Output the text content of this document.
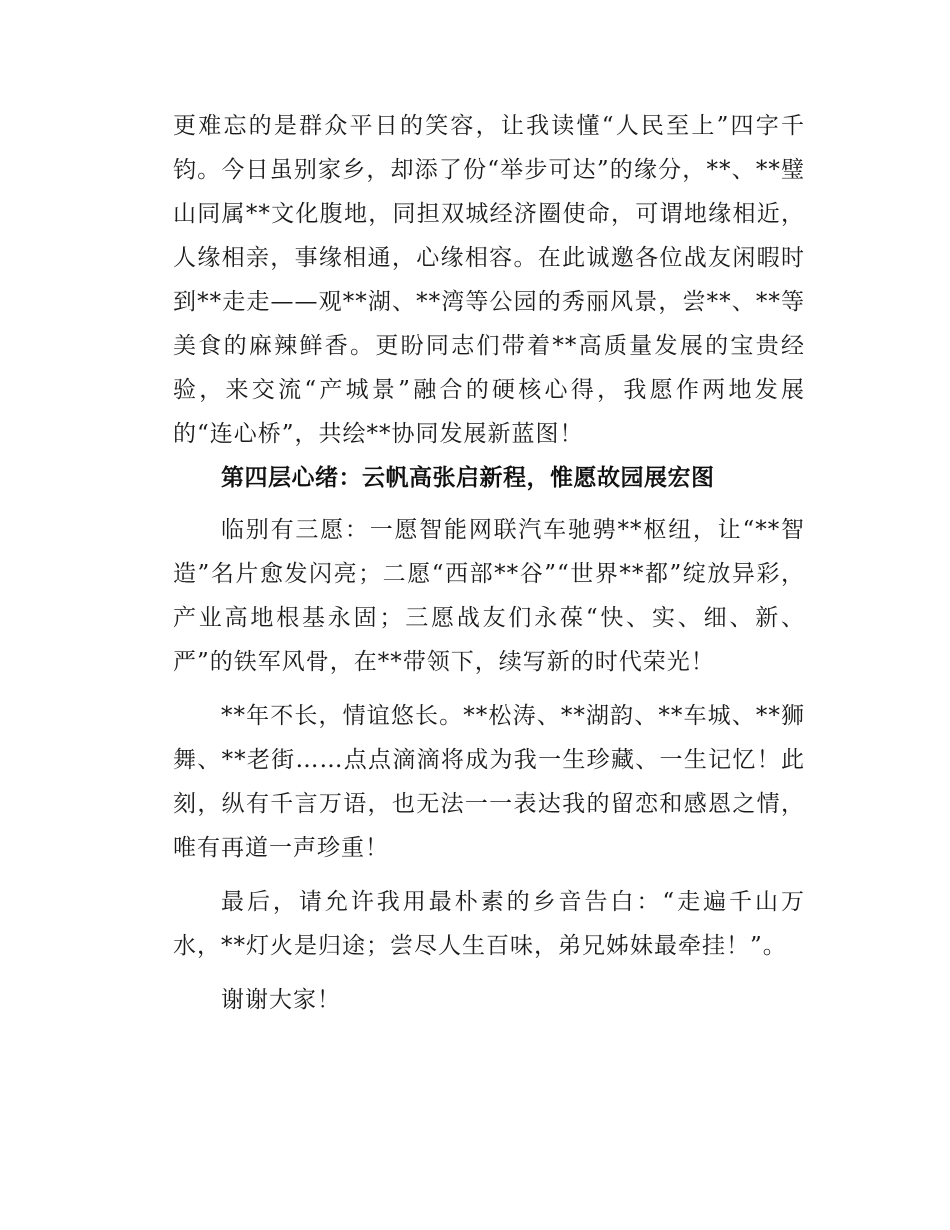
更难忘的是群众平日的笑容，让我读懂“人民至上”四字千钧。今日虽别家乡，却添了份“举步可达”的缘分，**、**璧山同属**文化腹地，同担双城经济圈使命，可谓地缘相近，人缘相亲，事缘相通，心缘相容。在此诚邀各位战友闲暇时到**走走——观**湖、**湾等公园的秀丽风景，尝**、**等美食的麻辣鲜香。更盼同志们带着**高质量发展的宝贵经验，来交流“产城景”融合的硬核心得，我愿作两地发展的“连心桥”，共绘**协同发展新蓝图！

第四层心绪：云帆高张启新程，惟愿故园展宏图

临别有三愿：一愿智能网联汽车驰骋**枢纽，让“**智造”名片愈发闪亮；二愿“西部**谷”“世界**都”绽放异彩，产业高地根基永固；三愿战友们永葆“快、实、细、新、严”的铁军风骨，在**带领下，续写新的时代荣光！

**年不长，情谊悠长。**松涛、**湖韵、**车城、**狮舞、**老街……点点滴滴将成为我一生珍藏、一生记忆！此刻，纵有千言万语，也无法一一表达我的留恋和感恩之情，唯有再道一声珍重！

最后，请允许我用最朴素的乡音告白：“走遍千山万水，**灯火是归途；尝尽人生百味，弟兄姊妹最牵挂！”。

谢谢大家！
